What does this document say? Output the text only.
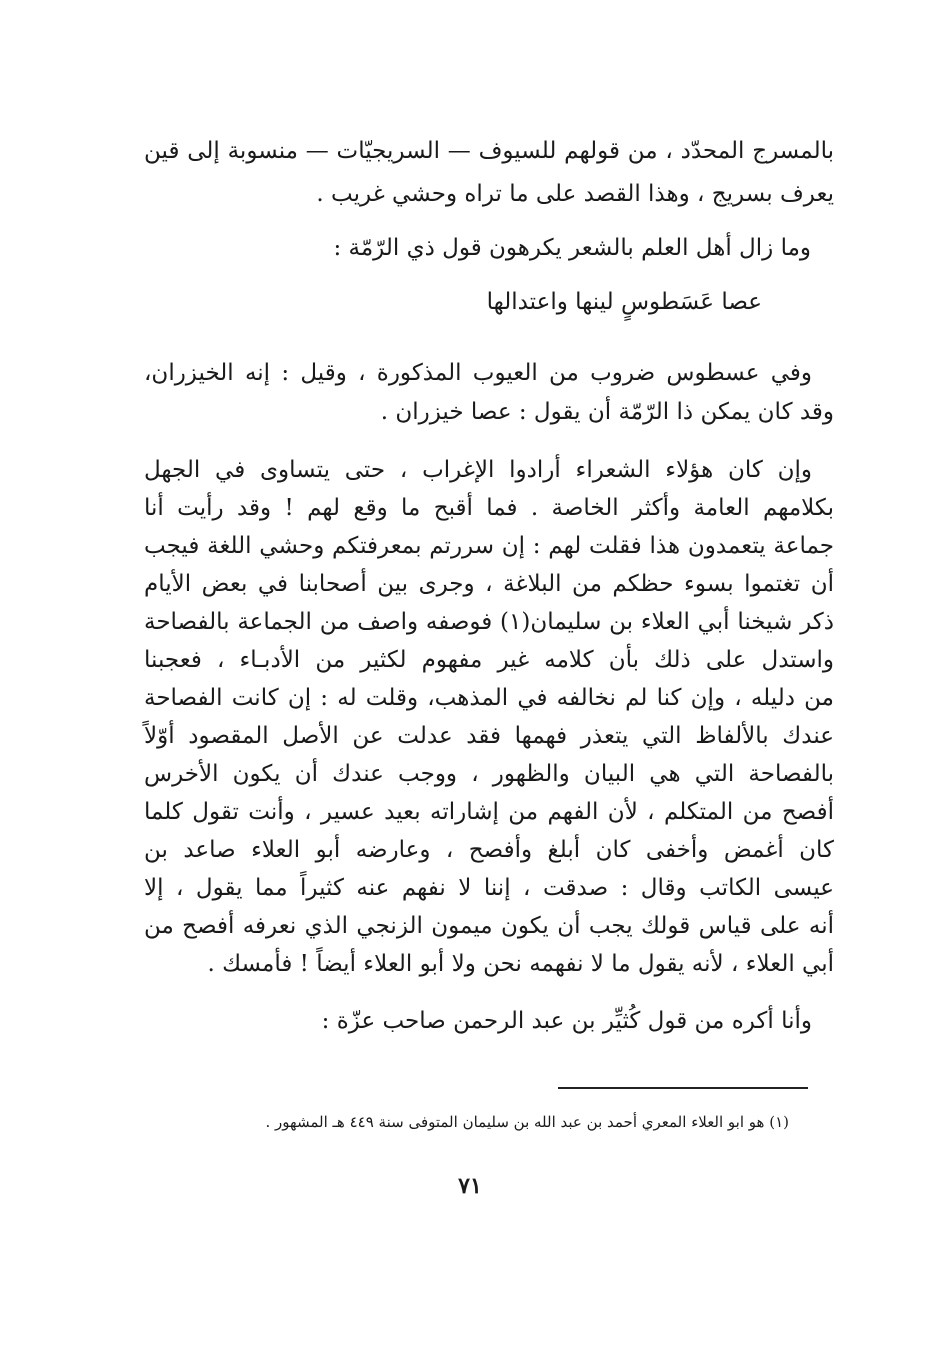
بالمسرج المحدّد ، من قولهم للسيوف — السريجيّات — منسوبة إلى قين
يعرف بسريج ، وهذا القصد على ما تراه وحشي غريب .
وما زال أهل العلم بالشعر يكرهون قول ذي الرّمّة :
عصا عَسَطوسٍ لينها واعتدالها
وفي عسطوس ضروب من العيوب المذكورة ، وقيل : إنه الخيزران،
وقد كان يمكن ذا الرّمّة أن يقول : عصا خيزران .
وإن كان هؤلاء الشعراء أرادوا الإغراب ، حتى يتساوى في الجهل
بكلامهم العامة وأكثر الخاصة . فما أقبح ما وقع لهم ! وقد رأيت أنا
جماعة يتعمدون هذا فقلت لهم : إن سررتم بمعرفتكم وحشي اللغة فيجب
أن تغتموا بسوء حظكم من البلاغة ، وجرى بين أصحابنا في بعض الأيام
ذكر شيخنا أبي العلاء بن سليمان(١) فوصفه واصف من الجماعة بالفصاحة
واستدل على ذلك بأن كلامه غير مفهوم لكثير من الأدبـاء ، فعجبنا
من دليله ، وإن كنا لم نخالفه في المذهب، وقلت له : إن كانت الفصاحة
عندك بالألفاظ التي يتعذر فهمها فقد عدلت عن الأصل المقصود أوّلاً
بالفصاحة التي هي البيان والظهور ، ووجب عندك أن يكون الأخرس
أفصح من المتكلم ، لأن الفهم من إشاراته بعيد عسير ، وأنت تقول كلما
كان أغمض وأخفى كان أبلغ وأفصح ، وعارضه أبو العلاء صاعد بن
عيسى الكاتب وقال : صدقت ، إننا لا نفهم عنه كثيراً مما يقول ، إلا
أنه على قياس قولك يجب أن يكون ميمون الزنجي الذي نعرفه أفصح من
أبي العلاء ، لأنه يقول ما لا نفهمه نحن ولا أبو العلاء أيضاً ! فأمسك .
وأنا أكره من قول كُثيِّر بن عبد الرحمن صاحب عزّة :
(١) هو ابو العلاء المعري أحمد بن عبد الله بن سليمان المتوفى سنة ٤٤٩ هـ المشهور .
٧١
